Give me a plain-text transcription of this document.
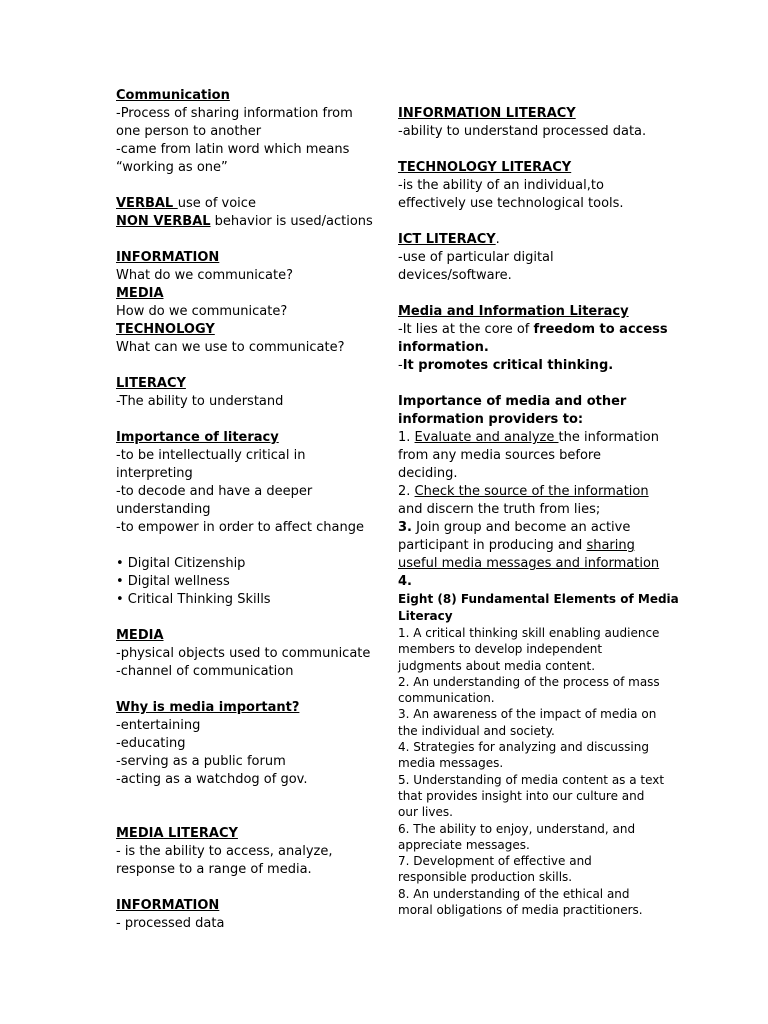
Communication
-Process of sharing information from
one person to another
-came from latin word which means
“working as one”
VERBAL use of voice
NON VERBAL behavior is used/actions
INFORMATION
What do we communicate?
MEDIA
How do we communicate?
TECHNOLOGY
What can we use to communicate?
LITERACY
-The ability to understand
Importance of literacy
-to be intellectually critical in
interpreting
-to decode and have a deeper
understanding
-to empower in order to affect change
• Digital Citizenship
• Digital wellness
• Critical Thinking Skills
MEDIA
-physical objects used to communicate
-channel of communication
Why is media important?
-entertaining
-educating
-serving as a public forum
-acting as a watchdog of gov.
MEDIA LITERACY
- is the ability to access, analyze,
response to a range of media.
INFORMATION
- processed data
INFORMATION LITERACY
-ability to understand processed data.
TECHNOLOGY LITERACY
-is the ability of an individual,to
effectively use technological tools.
ICT LITERACY.
-use of particular digital
devices/software.
Media and Information Literacy
-It lies at the core of freedom to access
information.
-It promotes critical thinking.
Importance of media and other
information providers to:
1. Evaluate and analyze the information
from any media sources before
deciding.
2. Check the source of the information
and discern the truth from lies;
3. Join group and become an active
participant in producing and sharing
useful media messages and information
4.
Eight (8) Fundamental Elements of Media
Literacy
1. A critical thinking skill enabling audience
members to develop independent
judgments about media content.
2. An understanding of the process of mass
communication.
3. An awareness of the impact of media on
the individual and society.
4. Strategies for analyzing and discussing
media messages.
5. Understanding of media content as a text
that provides insight into our culture and
our lives.
6. The ability to enjoy, understand, and
appreciate messages.
7. Development of effective and
responsible production skills.
8. An understanding of the ethical and
moral obligations of media practitioners.
